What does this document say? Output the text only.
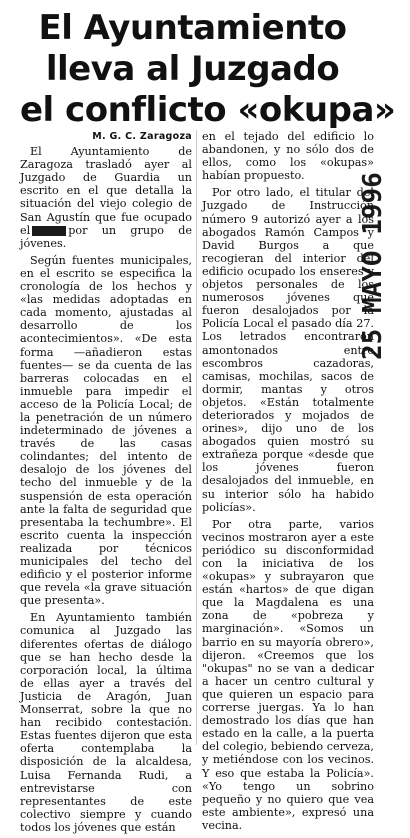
El Ayuntamiento
lleva al Juzgado
el conflicto «okupa»
25 MAYO 1996
M. G. C. Zaragoza

El Ayuntamiento de Zaragoza trasladó ayer al Juzgado de Guardia un escrito en el que detalla la situación del viejo colegio de San Agustín que fue ocupado el	por un grupo de jóvenes.

Según fuentes municipales, en el escrito se especifica la cronología de los hechos y «las medidas adoptadas en cada momento, ajustadas al desarrollo de los acontecimientos». «De esta forma —añadieron estas fuentes— se da cuenta de las barreras colocadas en el inmueble para impedir el acceso de la Policía Local; de la penetración de un número indeterminado de jóvenes a través de las casas colindantes; del intento de desalojo de los jóvenes del techo del inmueble y de la suspensión de esta operación ante la falta de seguridad que presentaba la techumbre». El escrito cuenta la inspección realizada por técnicos municipales del techo del edificio y el posterior informe que revela «la grave situación que presenta».

En Ayuntamiento también comunica al Juzgado las diferentes ofertas de diálogo que se han hecho desde la corporación local, la última de ellas ayer a través del Justicia de Aragón, Juan Monserrat, sobre la que no han recibido contestación. Estas fuentes dijeron que esta oferta contemplaba la disposición de la alcaldesa, Luisa Fernanda Rudi, a entrevistarse con representantes de este colectivo siempre y cuando todos los jóvenes que están

en el tejado del edificio lo abandonen, y no sólo dos de ellos, como los «okupas» habían propuesto.

Por otro lado, el titular del Juzgado de Instrucción número 9 autorizó ayer a los abogados Ramón Campos y David Burgos a que recogieran del interior del edificio ocupado los enseres y objetos personales de los numerosos jóvenes que fueron desalojados por la Policía Local el pasado día 27. Los letrados encontraron amontonados entre escombros cazadoras, camisas, mochilas, sacos de dormir, mantas y otros objetos. «Están totalmente deteriorados y mojados de orines», dijo uno de los abogados quien mostró su extrañeza porque «desde que los jóvenes fueron desalojados del inmueble, en su interior sólo ha habido policías».

Por otra parte, varios vecinos mostraron ayer a este periódico su disconformidad con la iniciativa de los «okupas» y subrayaron que están «hartos» de que digan que la Magdalena es una zona de «pobreza y marginación». «Somos un barrio en su mayoría obrero», dijeron. «Creemos que los "okupas" no se van a dedicar a hacer un centro cultural y que quieren un espacio para correrse juergas. Ya lo han demostrado los días que han estado en la calle, a la puerta del colegio, bebiendo cerveza, y metiéndose con los vecinos. Y eso que estaba la Policía». «Yo tengo un sobrino pequeño y no quiero que vea este ambiente», expresó una vecina.
